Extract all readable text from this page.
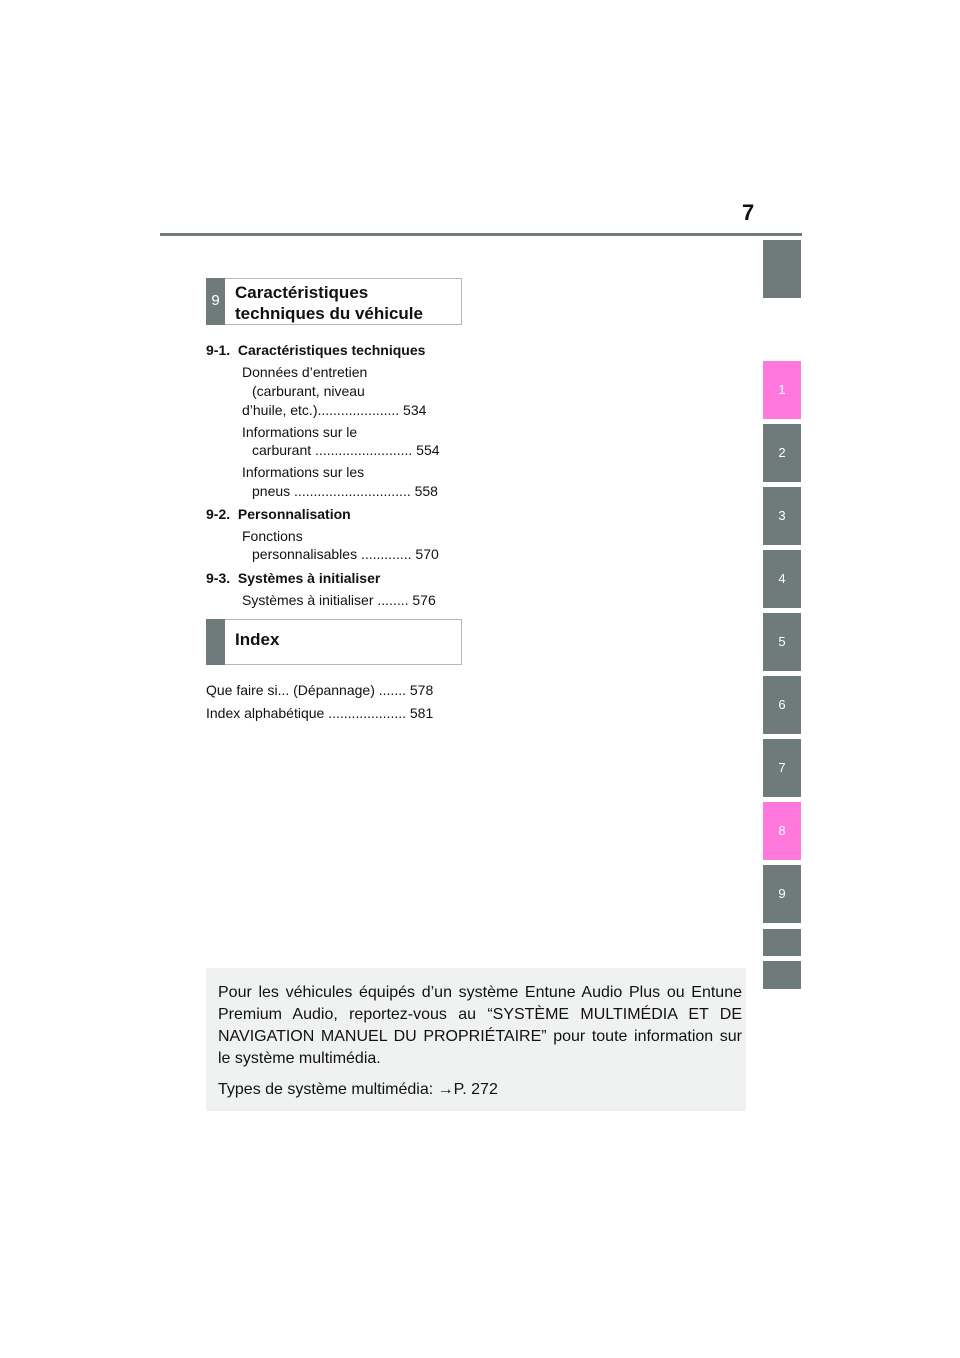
7
1
2
3
4
5
6
7
8
9
9 Caractéristiques
techniques du véhicule
9-1.  Caractéristiques techniques
Données d’entretien
(carburant, niveau
d’huile, etc.)..................... 534
Informations sur le
carburant ......................... 554
Informations sur les
pneus .............................. 558
9-2.  Personnalisation
Fonctions
personnalisables ............. 570
9-3.  Systèmes à initialiser
Systèmes à initialiser ........ 576
Index
Que faire si... (Dépannage) ....... 578
Index alphabétique .................... 581

Pour les véhicules équipés d’un système Entune Audio Plus ou Entune Premium Audio, reportez-vous au “SYSTÈME MULTIMÉDIA ET DE NAVIGATION MANUEL DU PROPRIÉTAIRE” pour toute information sur le système multimédia.

Types de système multimédia: →P. 272
